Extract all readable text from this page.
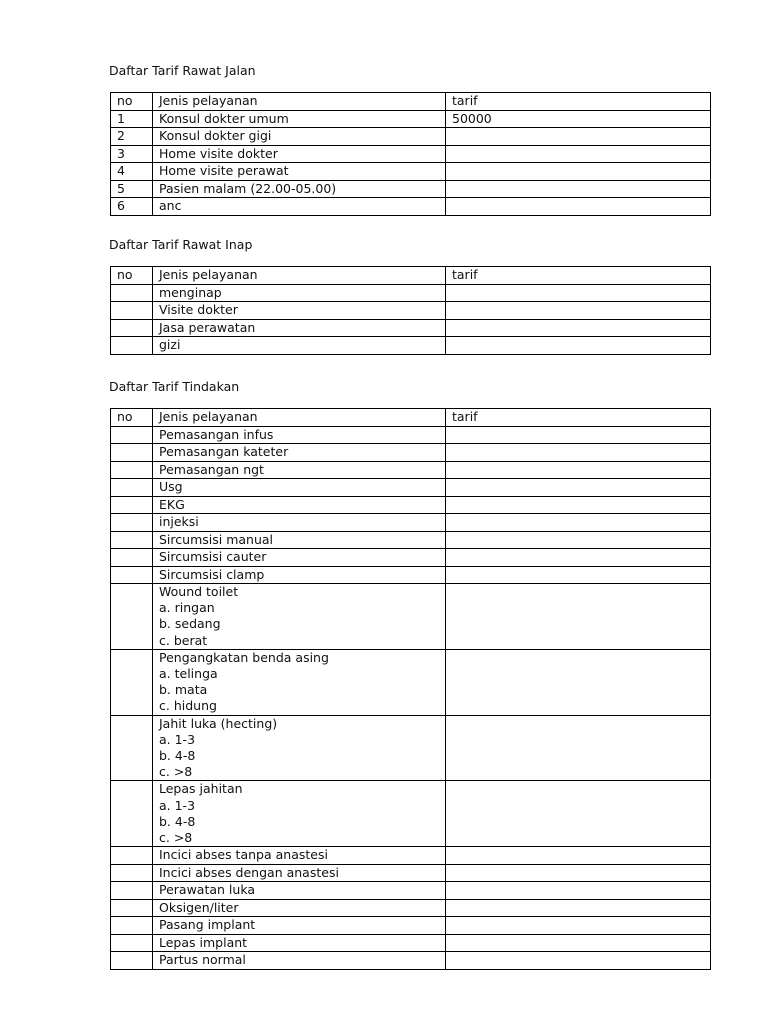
Daftar Tarif Rawat Jalan
no	Jenis pelayanan	tarif
1	Konsul dokter umum	50000
2	Konsul dokter gigi	
3	Home visite dokter	
4	Home visite perawat	
5	Pasien malam (22.00-05.00)	
6	anc	
Daftar Tarif Rawat Inap
no	Jenis pelayanan	tarif
	menginap	
	Visite dokter	
	Jasa perawatan	
	gizi	
Daftar Tarif Tindakan
no	Jenis pelayanan	tarif
	Pemasangan infus	
	Pemasangan kateter	
	Pemasangan ngt	
	Usg	
	EKG	
	injeksi	
	Sircumsisi manual	
	Sircumsisi cauter	
	Sircumsisi clamp	

	Wound toilet
a. ringan
b. sedang
c. berat	

	Pengangkatan benda asing
a. telinga
b. mata
c. hidung	

	Jahit luka (hecting)
a. 1-3
b. 4-8
c. >8	

	Lepas jahitan
a. 1-3
b. 4-8
c. >8	

	Incici abses tanpa anastesi	
	Incici abses dengan anastesi	
	Perawatan luka	
	Oksigen/liter	
	Pasang implant	
	Lepas implant	
	Partus normal	
